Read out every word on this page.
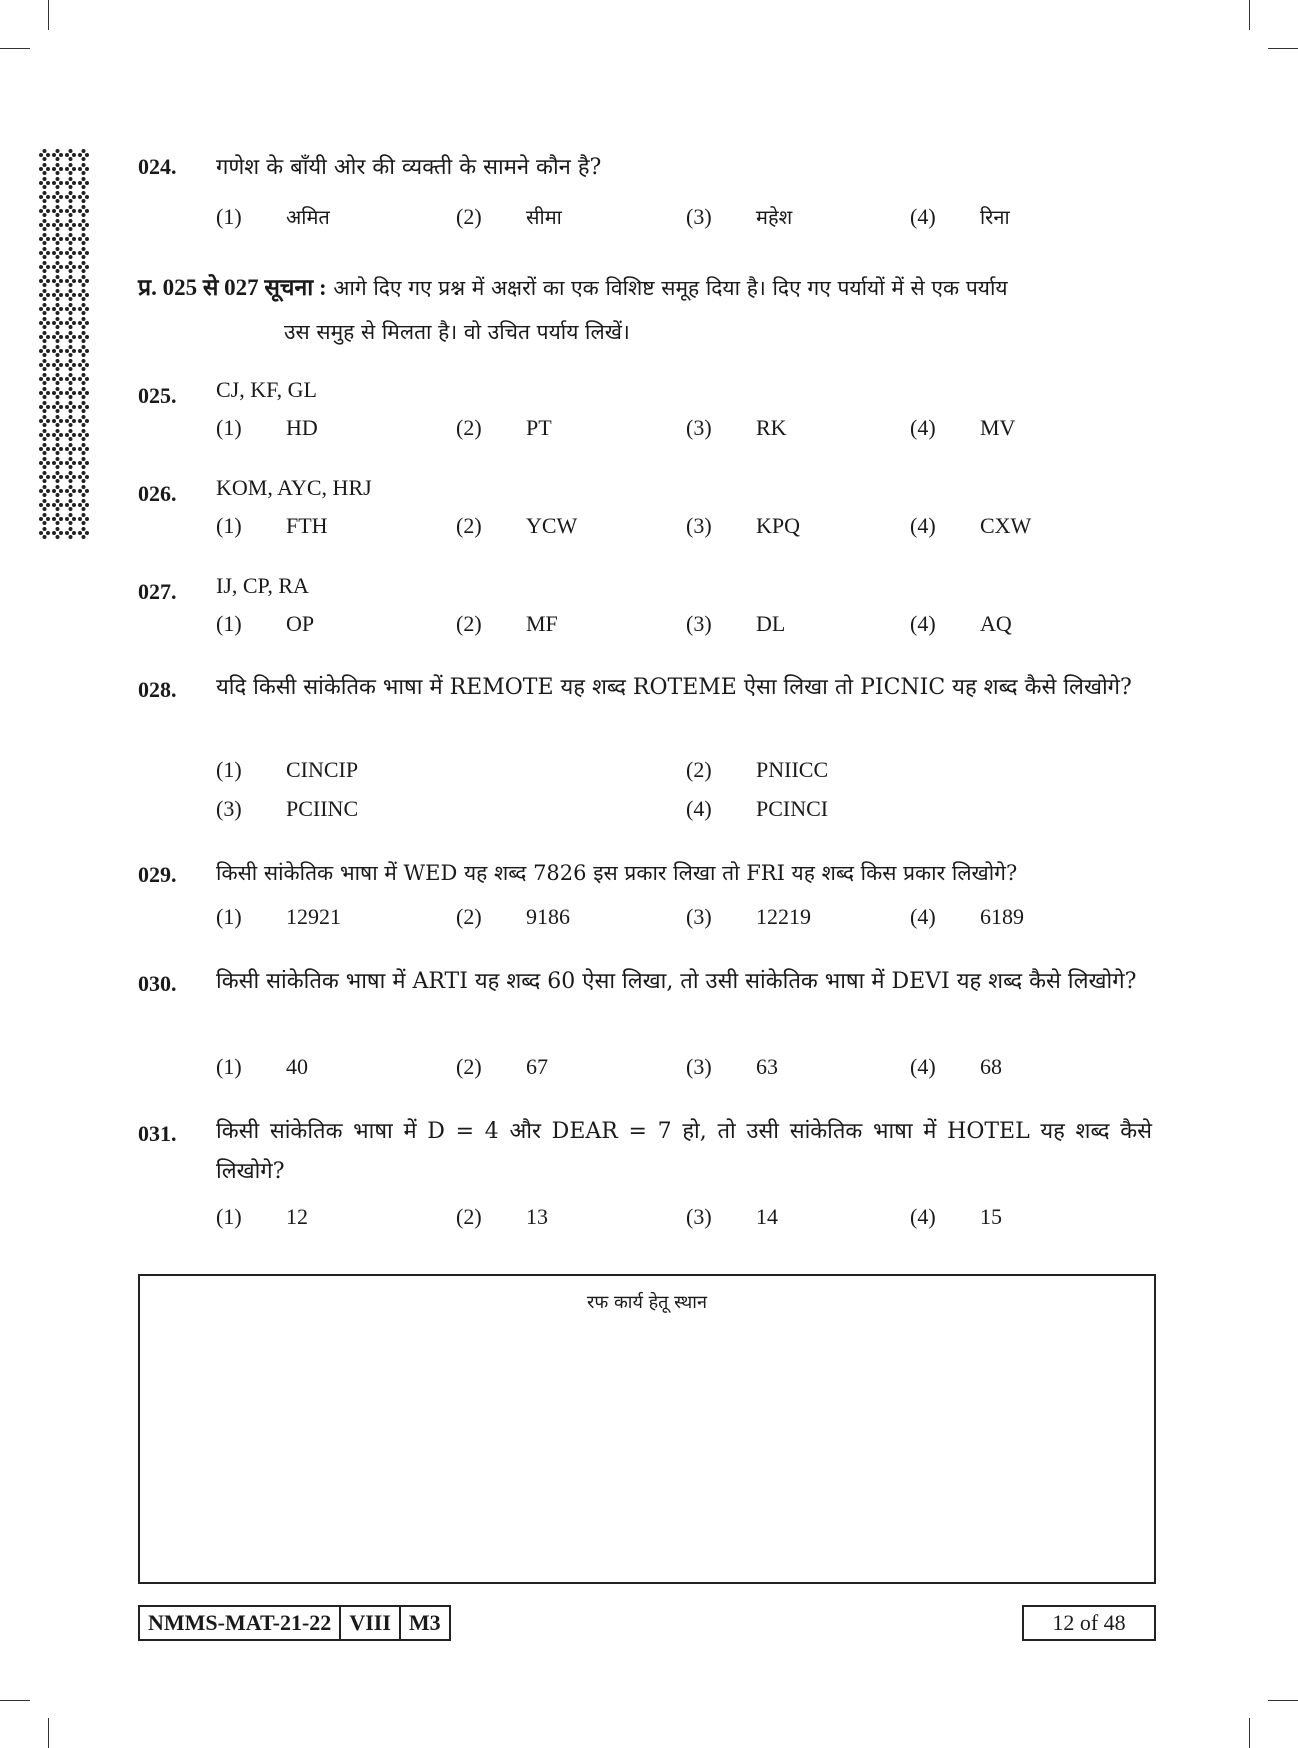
024. गणेश के बाँयी ओर की व्यक्ती के सामने कौन है?
(1) अमित	(2) सीमा	(3) महेश	(4) रिना
प्र. 025 से 027 सूचना : आगे दिए गए प्रश्न में अक्षरों का एक विशिष्ट समूह दिया है। दिए गए पर्यायों में से एक पर्याय
उस समुह से मिलता है। वो उचित पर्याय लिखें।
025. CJ, KF, GL
(1) HD	(2) PT	(3) RK	(4) MV
026. KOM, AYC, HRJ
(1) FTH	(2) YCW	(3) KPQ	(4) CXW
027. IJ, CP, RA
(1) OP	(2) MF	(3) DL	(4) AQ
028. यदि किसी सांकेतिक भाषा में REMOTE यह शब्द ROTEME ऐसा लिखा तो PICNIC यह शब्द कैसे लिखोगे?
(1) CINCIP	(2) PNIICC
(3) PCIINC	(4) PCINCI
029. किसी सांकेतिक भाषा में WED यह शब्द 7826 इस प्रकार लिखा तो FRI यह शब्द किस प्रकार लिखोगे?
(1) 12921	(2) 9186	(3) 12219	(4) 6189
030. किसी सांकेतिक भाषा में ARTI यह शब्द 60 ऐसा लिखा, तो उसी सांकेतिक भाषा में DEVI यह शब्द कैसे लिखोगे?
(1) 40	(2) 67	(3) 63	(4) 68
031. किसी सांकेतिक भाषा में D = 4 और DEAR = 7 हो, तो उसी सांकेतिक भाषा में HOTEL यह शब्द कैसे लिखोगे?
(1) 12	(2) 13	(3) 14	(4) 15
रफ कार्य हेतू स्थान
NMMS-MAT-21-22 VIII M3	12 of 48
